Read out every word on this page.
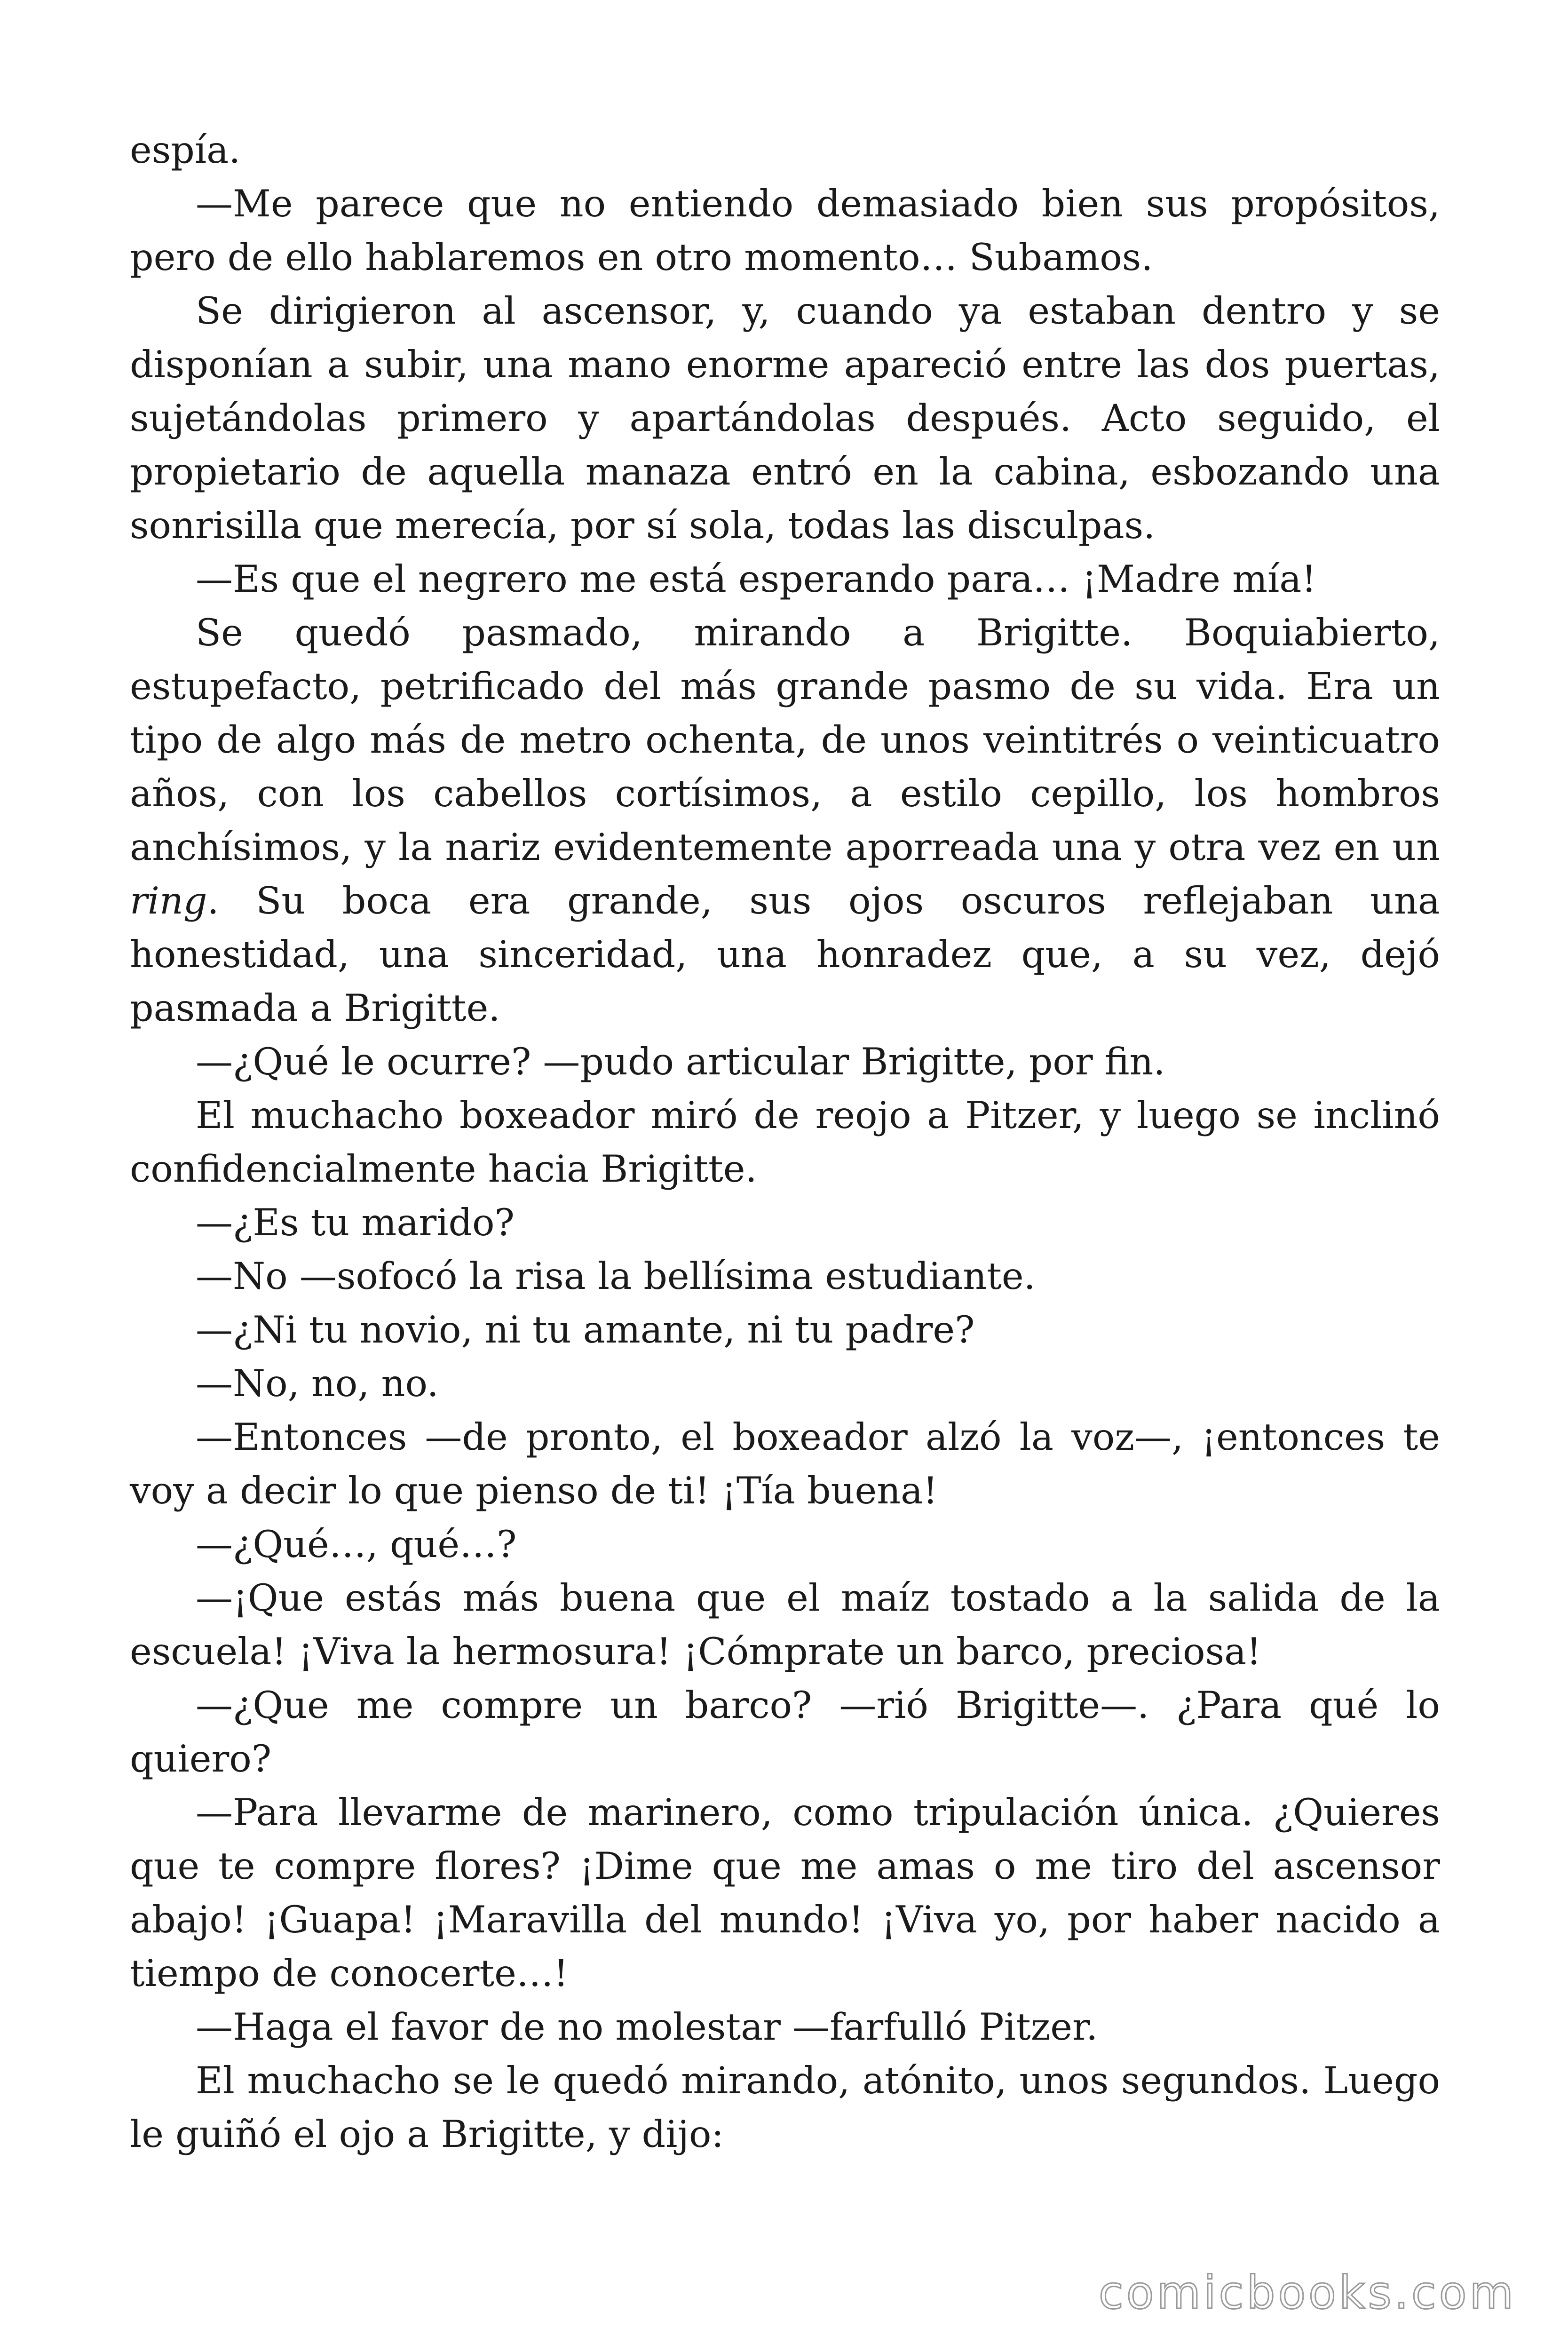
espía.

—Me parece que no entiendo demasiado bien sus propósitos, pero de ello hablaremos en otro momento… Subamos.

Se dirigieron al ascensor, y, cuando ya estaban dentro y se disponían a subir, una mano enorme apareció entre las dos puertas, sujetándolas primero y apartándolas después. Acto seguido, el propietario de aquella manaza entró en la cabina, esbozando una sonrisilla que merecía, por sí sola, todas las disculpas.

—Es que el negrero me está esperando para… ¡Madre mía!

Se quedó pasmado, mirando a Brigitte. Boquiabierto, estupefacto, petrificado del más grande pasmo de su vida. Era un tipo de algo más de metro ochenta, de unos veintitrés o veinticuatro años, con los cabellos cortísimos, a estilo cepillo, los hombros anchísimos, y la nariz evidentemente aporreada una y otra vez en un ring. Su boca era grande, sus ojos oscuros reflejaban una honestidad, una sinceridad, una honradez que, a su vez, dejó pasmada a Brigitte.

—¿Qué le ocurre? —pudo articular Brigitte, por fin.

El muchacho boxeador miró de reojo a Pitzer, y luego se inclinó confidencialmente hacia Brigitte.

—¿Es tu marido?

—No —sofocó la risa la bellísima estudiante.

—¿Ni tu novio, ni tu amante, ni tu padre?

—No, no, no.

—Entonces —de pronto, el boxeador alzó la voz—, ¡entonces te voy a decir lo que pienso de ti! ¡Tía buena!

—¿Qué…, qué…?

—¡Que estás más buena que el maíz tostado a la salida de la escuela! ¡Viva la hermosura! ¡Cómprate un barco, preciosa!

—¿Que me compre un barco? —rió Brigitte—. ¿Para qué lo quiero?

—Para llevarme de marinero, como tripulación única. ¿Quieres que te compre flores? ¡Dime que me amas o me tiro del ascensor abajo! ¡Guapa! ¡Maravilla del mundo! ¡Viva yo, por haber nacido a tiempo de conocerte…!

—Haga el favor de no molestar —farfulló Pitzer.

El muchacho se le quedó mirando, atónito, unos segundos. Luego le guiñó el ojo a Brigitte, y dijo:

comicbooks.com
